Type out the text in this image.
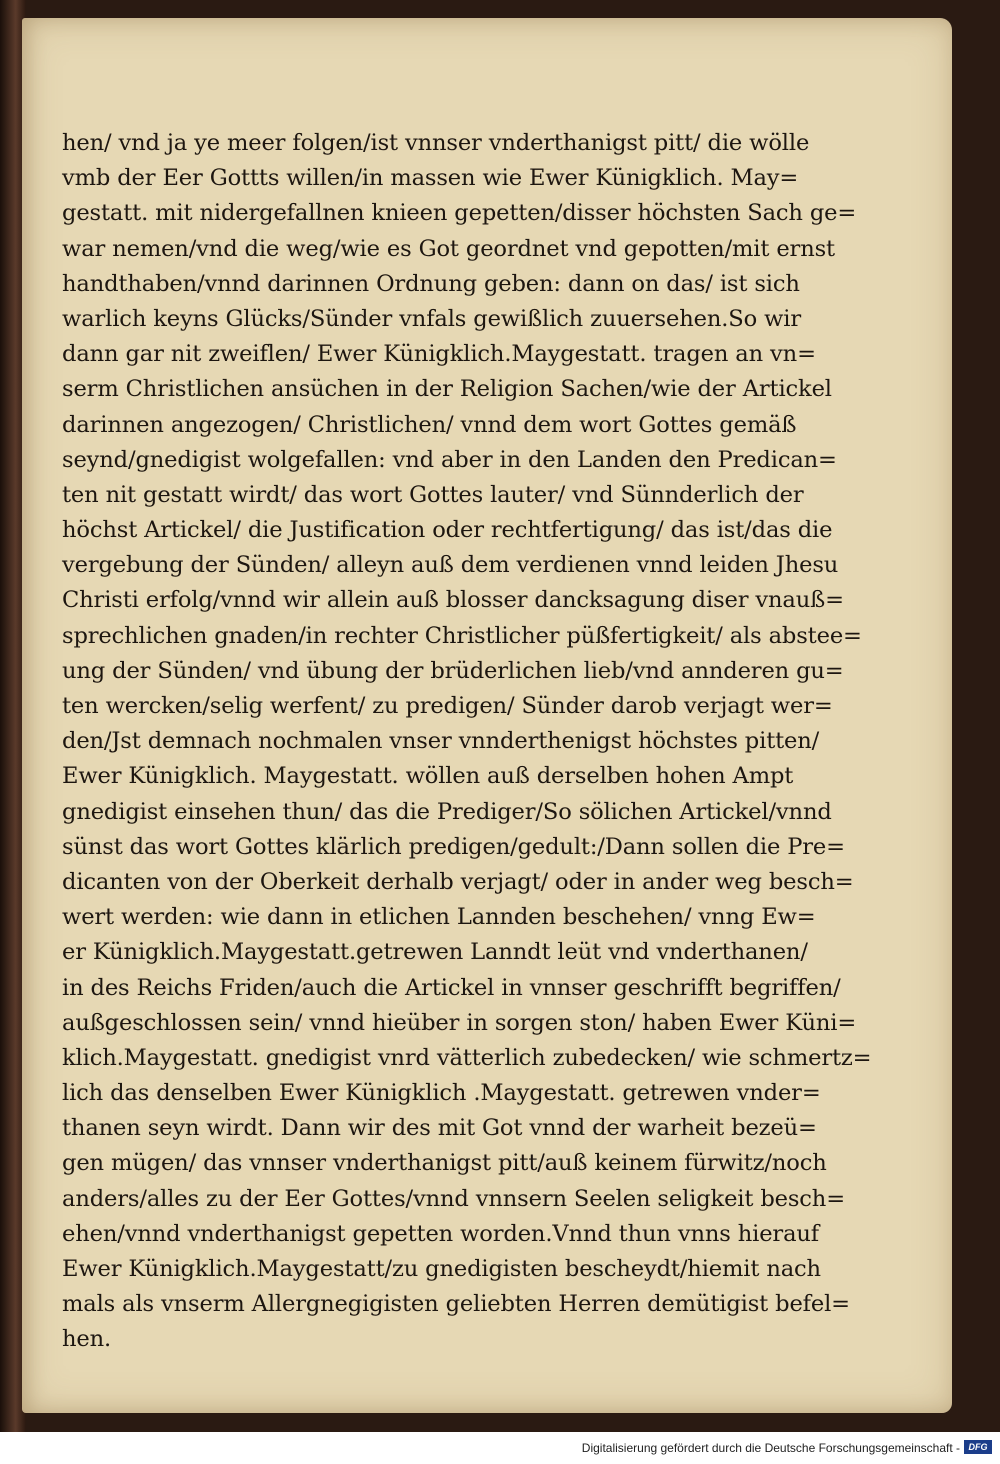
hen/ vnd ja ye meer folgen/ist vnnser vnderthanigst pitt/ die wölle
vmb der Eer Gottts willen/in massen wie Ewer Künigklich. May=
gestatt. mit nidergefallnen knieen gepetten/disser höchsten Sach ge=
war nemen/vnd die weg/wie es Got geordnet vnd gepotten/mit ernst
handthaben/vnnd darinnen Ordnung geben: dann on das/ ist sich
warlich keyns Glücks/Sünder vnfals gewißlich zuuersehen.So wir
dann gar nit zweiflen/ Ewer Künigklich.Maygestatt. tragen an vn=
serm Christlichen ansüchen in der Religion Sachen/wie der Artickel
darinnen angezogen/ Christlichen/ vnnd dem wort Gottes gemäß
seynd/gnedigist wolgefallen: vnd aber in den Landen den Predican=
ten nit gestatt wirdt/ das wort Gottes lauter/ vnd Sünnderlich der
höchst Artickel/ die Justification oder rechtfertigung/ das ist/das die
vergebung der Sünden/ alleyn auß dem verdienen vnnd leiden Jhesu
Christi erfolg/vnnd wir allein auß blosser dancksagung diser vnauß=
sprechlichen gnaden/in rechter Christlicher püßfertigkeit/ als abstee=
ung der Sünden/ vnd übung der brüderlichen lieb/vnd annderen gu=
ten wercken/selig werfent/ zu predigen/ Sünder darob verjagt wer=
den/Jst demnach nochmalen vnser vnnderthenigst höchstes pitten/
Ewer Künigklich. Maygestatt. wöllen auß derselben hohen Ampt
gnedigist einsehen thun/ das die Prediger/So sölichen Artickel/vnnd
sünst das wort Gottes klärlich predigen/gedult:/Dann sollen die Pre=
dicanten von der Oberkeit derhalb verjagt/ oder in ander weg besch=
wert werden: wie dann in etlichen Lannden beschehen/ vnng Ew=
er Künigklich.Maygestatt.getrewen Lanndt leüt vnd vnderthanen/
in des Reichs Friden/auch die Artickel in vnnser geschrifft begriffen/
außgeschlossen sein/ vnnd hieüber in sorgen ston/ haben Ewer Küni=
klich.Maygestatt. gnedigist vnrd vätterlich zubedecken/ wie schmertz=
lich das denselben Ewer Künigklich .Maygestatt. getrewen vnder=
thanen seyn wirdt. Dann wir des mit Got vnnd der warheit bezeü=
gen mügen/ das vnnser vnderthanigst pitt/auß keinem fürwitz/noch
anders/alles zu der Eer Gottes/vnnd vnnsern Seelen seligkeit besch=
ehen/vnnd vnderthanigst gepetten worden.Vnnd thun vnns hierauf
Ewer Künigklich.Maygestatt/zu gnedigisten bescheydt/hiemit nach
mals als vnserm Allergnegigisten geliebten Herren demütigist befel=
hen.
Digitalisierung gefördert durch die Deutsche Forschungsgemeinschaft - DFG
